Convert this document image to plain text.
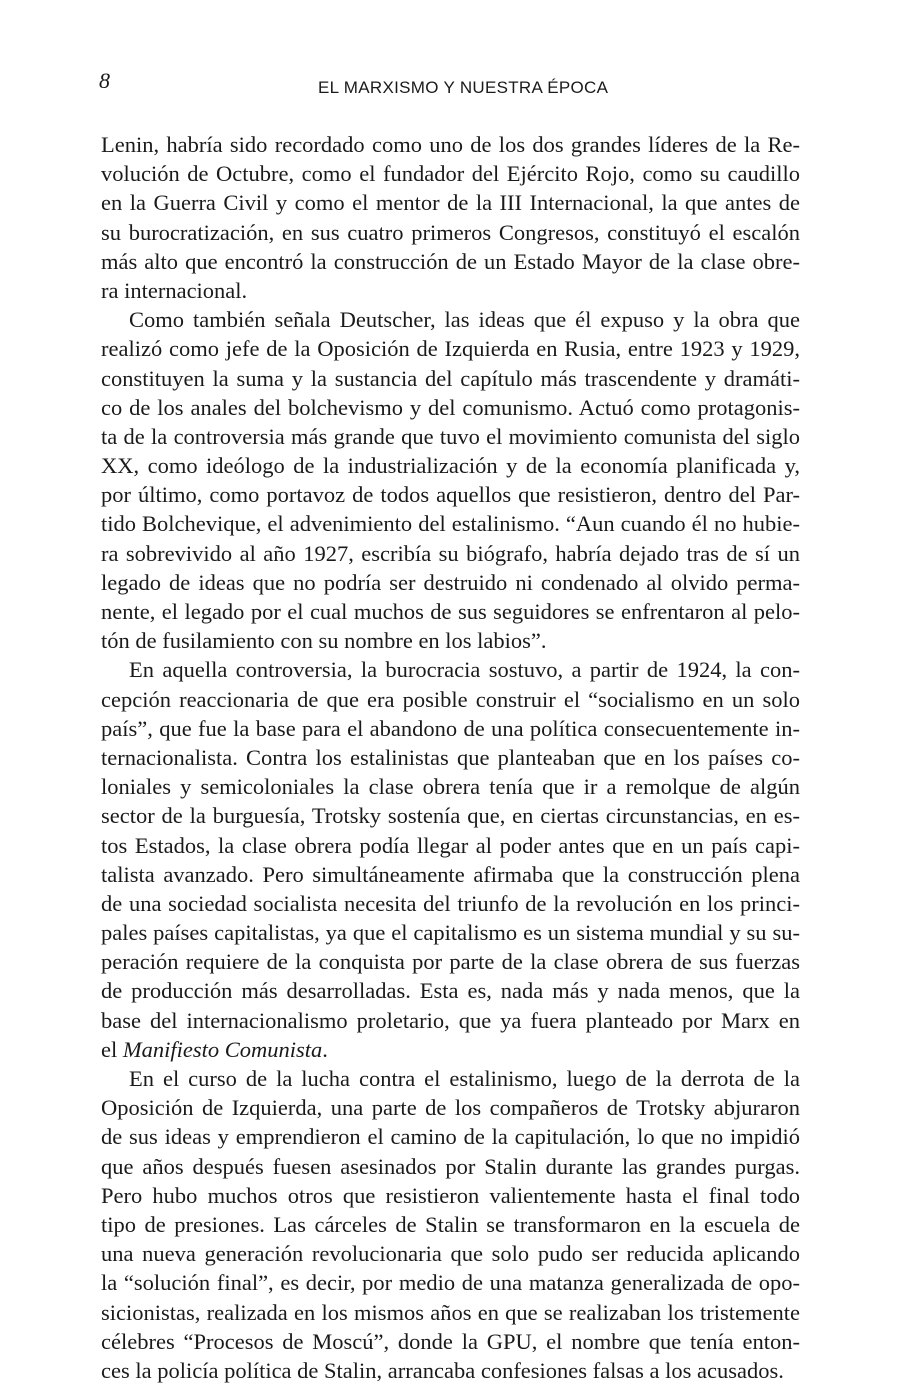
8	EL MARXISMO Y NUESTRA ÉPOCA
Lenin, habría sido recordado como uno de los dos grandes líderes de la Re-
volución de Octubre, como el fundador del Ejército Rojo, como su caudillo
en la Guerra Civil y como el mentor de la III Internacional, la que antes de
su burocratización, en sus cuatro primeros Congresos, constituyó el escalón
más alto que encontró la construcción de un Estado Mayor de la clase obre-
ra internacional.
Como también señala Deutscher, las ideas que él expuso y la obra que
realizó como jefe de la Oposición de Izquierda en Rusia, entre 1923 y 1929,
constituyen la suma y la sustancia del capítulo más trascendente y dramáti-
co de los anales del bolchevismo y del comunismo. Actuó como protagonis-
ta de la controversia más grande que tuvo el movimiento comunista del siglo
XX, como ideólogo de la industrialización y de la economía planificada y,
por último, como portavoz de todos aquellos que resistieron, dentro del Par-
tido Bolchevique, el advenimiento del estalinismo. “Aun cuando él no hubie-
ra sobrevivido al año 1927, escribía su biógrafo, habría dejado tras de sí un
legado de ideas que no podría ser destruido ni condenado al olvido perma-
nente, el legado por el cual muchos de sus seguidores se enfrentaron al pelo-
tón de fusilamiento con su nombre en los labios”.
En aquella controversia, la burocracia sostuvo, a partir de 1924, la con-
cepción reaccionaria de que era posible construir el “socialismo en un solo
país”, que fue la base para el abandono de una política consecuentemente in-
ternacionalista. Contra los estalinistas que planteaban que en los países co-
loniales y semicoloniales la clase obrera tenía que ir a remolque de algún
sector de la burguesía, Trotsky sostenía que, en ciertas circunstancias, en es-
tos Estados, la clase obrera podía llegar al poder antes que en un país capi-
talista avanzado. Pero simultáneamente afirmaba que la construcción plena
de una sociedad socialista necesita del triunfo de la revolución en los princi-
pales países capitalistas, ya que el capitalismo es un sistema mundial y su su-
peración requiere de la conquista por parte de la clase obrera de sus fuerzas
de producción más desarrolladas. Esta es, nada más y nada menos, que la
base del internacionalismo proletario, que ya fuera planteado por Marx en
el Manifiesto Comunista.
En el curso de la lucha contra el estalinismo, luego de la derrota de la
Oposición de Izquierda, una parte de los compañeros de Trotsky abjuraron
de sus ideas y emprendieron el camino de la capitulación, lo que no impidió
que años después fuesen asesinados por Stalin durante las grandes purgas.
Pero hubo muchos otros que resistieron valientemente hasta el final todo
tipo de presiones. Las cárceles de Stalin se transformaron en la escuela de
una nueva generación revolucionaria que solo pudo ser reducida aplicando
la “solución final”, es decir, por medio de una matanza generalizada de opo-
sicionistas, realizada en los mismos años en que se realizaban los tristemente
célebres “Procesos de Moscú”, donde la GPU, el nombre que tenía enton-
ces la policía política de Stalin, arrancaba confesiones falsas a los acusados.
